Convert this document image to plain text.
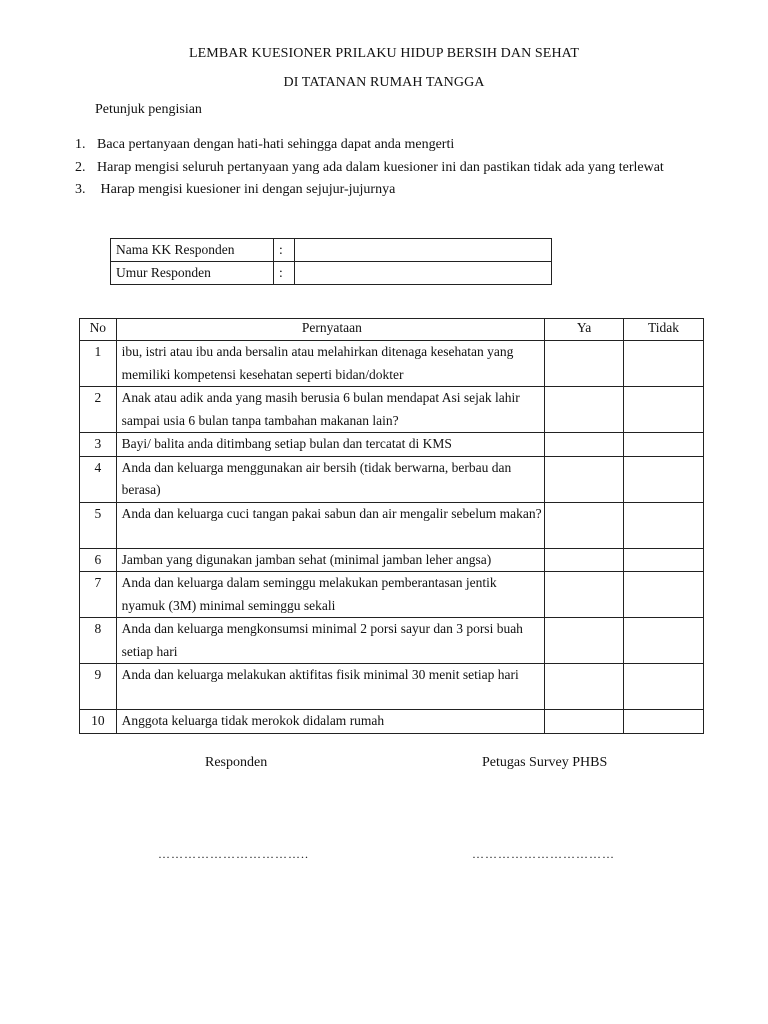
LEMBAR KUESIONER PRILAKU HIDUP BERSIH DAN SEHAT
DI TATANAN RUMAH TANGGA
Petunjuk pengisian
1. Baca pertanyaan dengan hati-hati sehingga dapat anda mengerti
2. Harap mengisi seluruh pertanyaan yang ada dalam kuesioner ini dan pastikan tidak ada yang terlewat
3. Harap mengisi kuesioner ini dengan sejujur-jujurnya
Nama KK Responden	:	
Umur Responden	:	
No	Pernyataan	Ya	Tidak
1	ibu, istri atau ibu anda bersalin atau melahirkan ditenaga kesehatan yang memiliki kompetensi kesehatan seperti bidan/dokter		
2	Anak atau adik anda yang masih berusia 6 bulan mendapat Asi sejak lahir sampai usia 6 bulan tanpa tambahan makanan lain?		
3	Bayi/ balita anda ditimbang setiap bulan dan tercatat di KMS		
4	Anda dan keluarga menggunakan air bersih (tidak berwarna, berbau dan berasa)		
5	Anda dan keluarga cuci tangan pakai sabun dan air mengalir sebelum makan?		
6	Jamban yang digunakan jamban sehat (minimal jamban leher angsa)		
7	Anda dan keluarga dalam seminggu melakukan pemberantasan jentik nyamuk (3M) minimal seminggu sekali		
8	Anda dan keluarga mengkonsumsi minimal 2 porsi sayur dan 3 porsi buah setiap hari		
9	Anda dan keluarga melakukan aktifitas fisik minimal 30 menit setiap hari		
10	Anggota keluarga tidak merokok didalam rumah		
Responden	Petugas Survey PHBS
……………………………..	……………………………
